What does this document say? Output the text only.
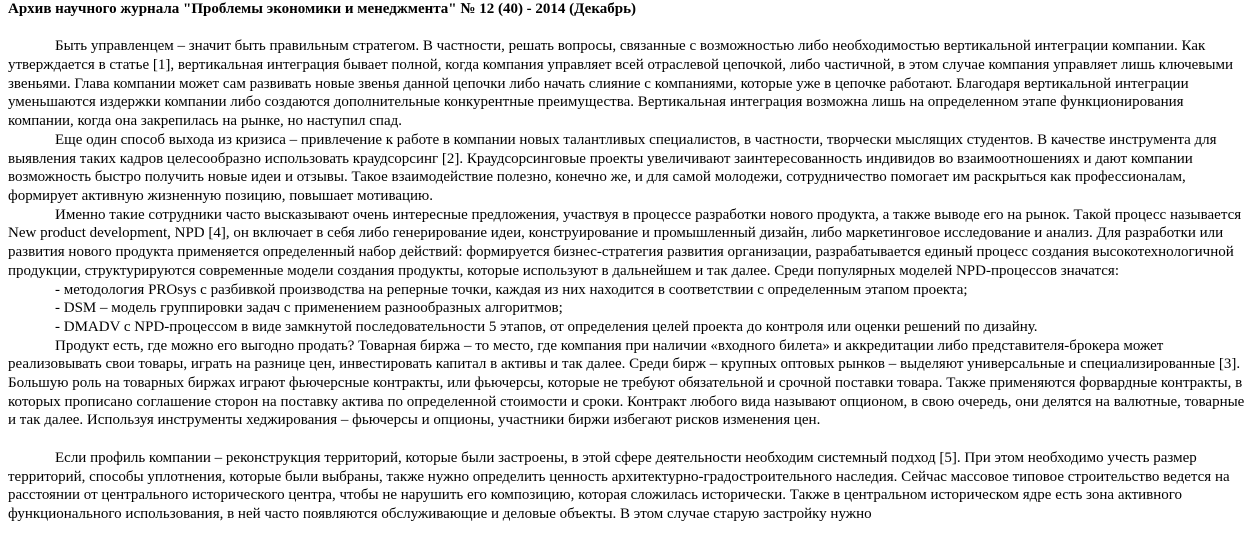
Архив научного журнала "Проблемы экономики и менеджмента" № 12 (40) - 2014 (Декабрь)

Быть управленцем – значит быть правильным стратегом. В частности, решать вопросы, связанные с возможностью либо необходимостью вертикальной интеграции компании. Как утверждается в статье [1], вертикальная интеграция бывает полной, когда компания управляет всей отраслевой цепочкой, либо частичной, в этом случае компания управляет лишь ключевыми звеньями. Глава компании может сам развивать новые звенья данной цепочки либо начать слияние с компаниями, которые уже в цепочке работают. Благодаря вертикальной интеграции уменьшаются издержки компании либо создаются дополнительные конкурентные преимущества. Вертикальная интеграция возможна лишь на определенном этапе функционирования компании, когда она закрепилась на рынке, но наступил спад.

Еще один способ выхода из кризиса – привлечение к работе в компании новых талантливых специалистов, в частности, творчески мыслящих студентов. В качестве инструмента для выявления таких кадров целесообразно использовать краудсорсинг [2]. Краудсорсинговые проекты увеличивают заинтересованность индивидов во взаимоотношениях и дают компании возможность быстро получить новые идеи и отзывы. Такое взаимодействие полезно, конечно же, и для самой молодежи, сотрудничество помогает им раскрыться как профессионалам, формирует активную жизненную позицию, повышает мотивацию.

Именно такие сотрудники часто высказывают очень интересные предложения, участвуя в процессе разработки нового продукта, а также выводе его на рынок. Такой процесс называется New product development, NPD [4], он включает в себя либо генерирование идеи, конструирование и промышленный дизайн, либо маркетинговое исследование и анализ. Для разработки или развития нового продукта применяется определенный набор действий: формируется бизнес-стратегия развития организации, разрабатывается единый процесс создания высокотехнологичной продукции, структурируются современные модели создания продукты, которые используют в дальнейшем и так далее. Среди популярных моделей NPD-процессов значатся:

- методология PROsys с разбивкой производства на реперные точки, каждая из них находится в соответствии с определенным этапом проекта;
- DSM – модель группировки задач с применением разнообразных алгоритмов;
- DMADV с NPD-процессом в виде замкнутой последовательности 5 этапов, от определения целей проекта до контроля или оценки решений по дизайну.

Продукт есть, где можно его выгодно продать? Товарная биржа – то место, где компания при наличии «входного билета» и аккредитации либо представителя-брокера может реализовывать свои товары, играть на разнице цен, инвестировать капитал в активы и так далее. Среди бирж – крупных оптовых рынков – выделяют универсальные и специализированные [3]. Большую роль на товарных биржах играют фьючерсные контракты, или фьючерсы, которые не требуют обязательной и срочной поставки товара. Также применяются форвардные контракты, в которых прописано соглашение сторон на поставку актива по определенной стоимости и сроки. Контракт любого вида называют опционом, в свою очередь, они делятся на валютные, товарные и так далее. Используя инструменты хеджирования – фьючерсы и опционы, участники биржи избегают рисков изменения цен.

Если профиль компании – реконструкция территорий, которые были застроены, в этой сфере деятельности необходим системный подход [5]. При этом необходимо учесть размер территорий, способы уплотнения, которые были выбраны, также нужно определить ценность архитектурно-градостроительного наследия. Сейчас массовое типовое строительство ведется на расстоянии от центрального исторического центра, чтобы не нарушить его композицию, которая сложилась исторически. Также в центральном историческом ядре есть зона активного функционального использования, в ней часто появляются обслуживающие и деловые объекты. В этом случае старую застройку нужно
